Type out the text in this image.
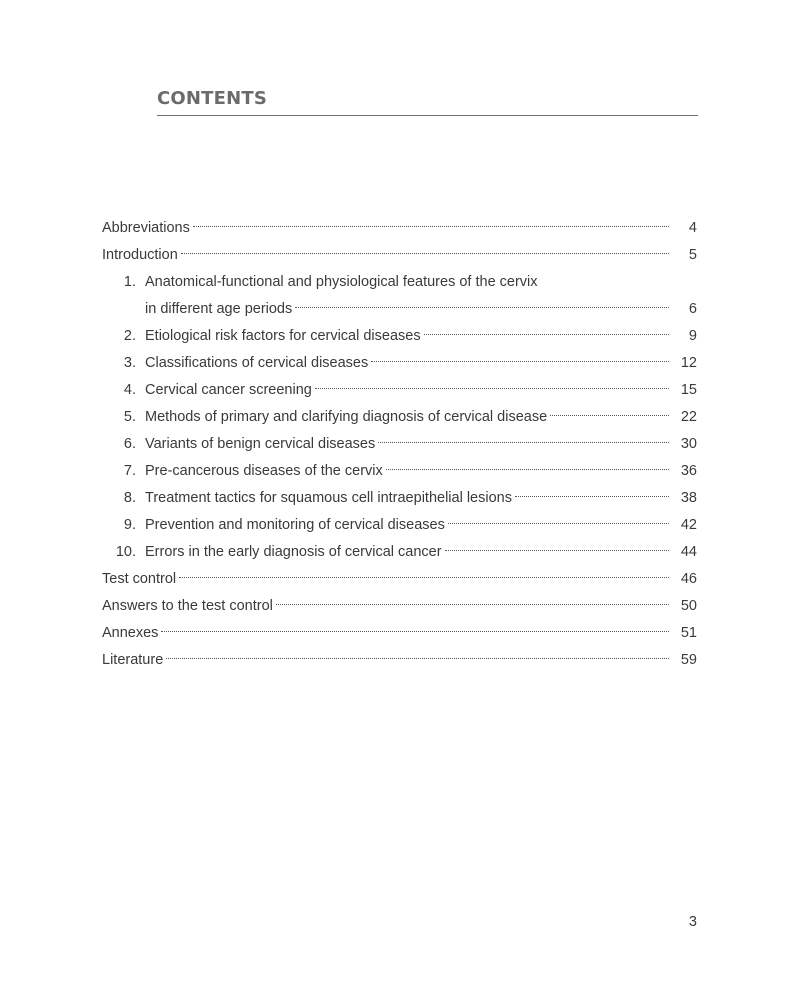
CONTENTS
Abbreviations	4
Introduction	5
1. Anatomical-functional and physiological features of the cervix
in different age periods	6
2. Etiological risk factors for cervical diseases	9
3. Classifications of cervical diseases	12
4. Cervical cancer screening	15
5. Methods of primary and clarifying diagnosis of cervical disease	22
6. Variants of benign cervical diseases	30
7. Pre-cancerous diseases of the cervix	36
8. Treatment tactics for squamous cell intraepithelial lesions	38
9. Prevention and monitoring of cervical diseases	42
10. Errors in the early diagnosis of cervical cancer	44
Test control	46
Answers to the test control	50
Annexes	51
Literature	59
3
